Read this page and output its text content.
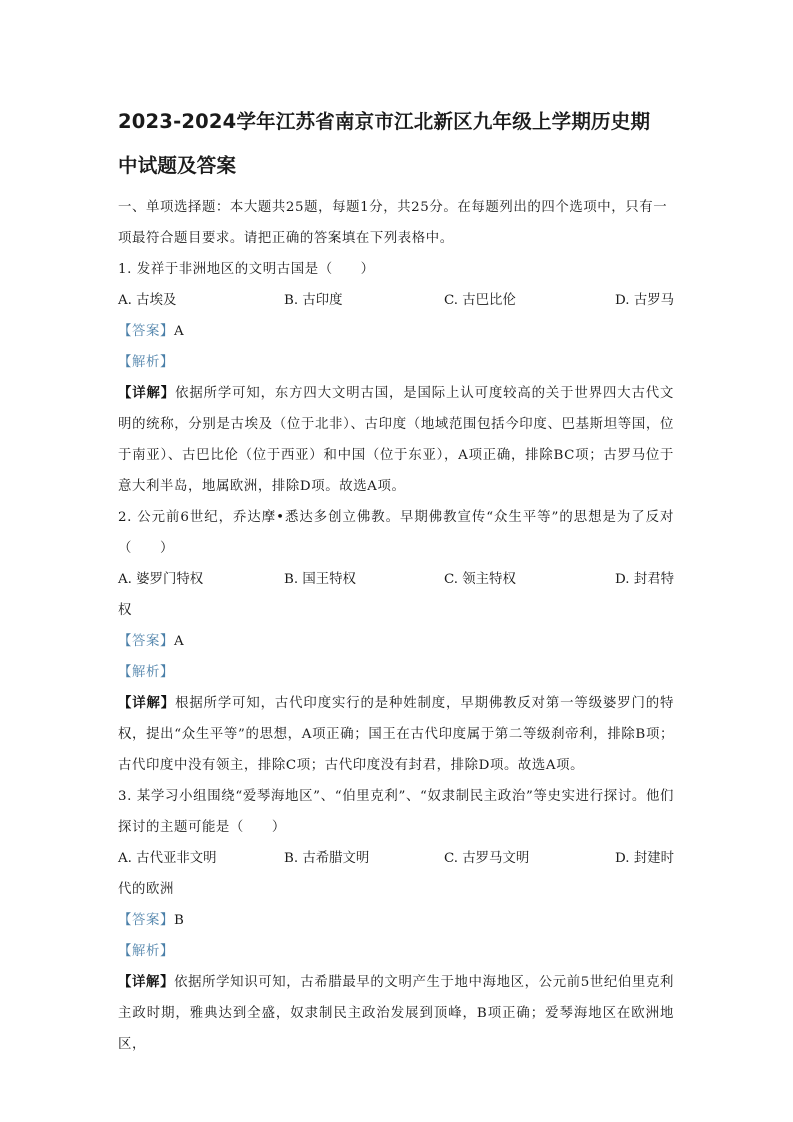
2023-2024学年江苏省南京市江北新区九年级上学期历史期
中试题及答案

一、单项选择题：本大题共25题，每题1分，共25分。在每题列出的四个选项中，只有一
项最符合题目要求。请把正确的答案填在下列表格中。

1. 发祥于非洲地区的文明古国是（　　）

A. 古埃及	B. 古印度	C. 古巴比伦	D. 古罗马

【答案】A

【解析】

【详解】依据所学可知，东方四大文明古国，是国际上认可度较高的关于世界四大古代文明的统称，分别是古埃及（位于北非）、古印度（地域范围包括今印度、巴基斯坦等国，位于南亚）、古巴比伦（位于西亚）和中国（位于东亚），A项正确，排除BC项；古罗马位于意大利半岛，地属欧洲，排除D项。故选A项。

2. 公元前6世纪，乔达摩•悉达多创立佛教。早期佛教宣传“众生平等”的思想是为了反对（　　）

A. 婆罗门特权	B. 国王特权	C. 领主特权	D. 封君特

权

【答案】A

【解析】

【详解】根据所学可知，古代印度实行的是种姓制度，早期佛教反对第一等级婆罗门的特权，提出“众生平等”的思想，A项正确；国王在古代印度属于第二等级刹帝利，排除B项；古代印度中没有领主，排除C项；古代印度没有封君，排除D项。故选A项。

3. 某学习小组围绕“爱琴海地区”、“伯里克利”、“奴隶制民主政治”等史实进行探讨。他们探讨的主题可能是（　　）

A. 古代亚非文明	B. 古希腊文明	C. 古罗马文明	D. 封建时

代的欧洲

【答案】B

【解析】

【详解】依据所学知识可知，古希腊最早的文明产生于地中海地区，公元前5世纪伯里克利主政时期，雅典达到全盛，奴隶制民主政治发展到顶峰，B项正确；爱琴海地区在欧洲地区，
